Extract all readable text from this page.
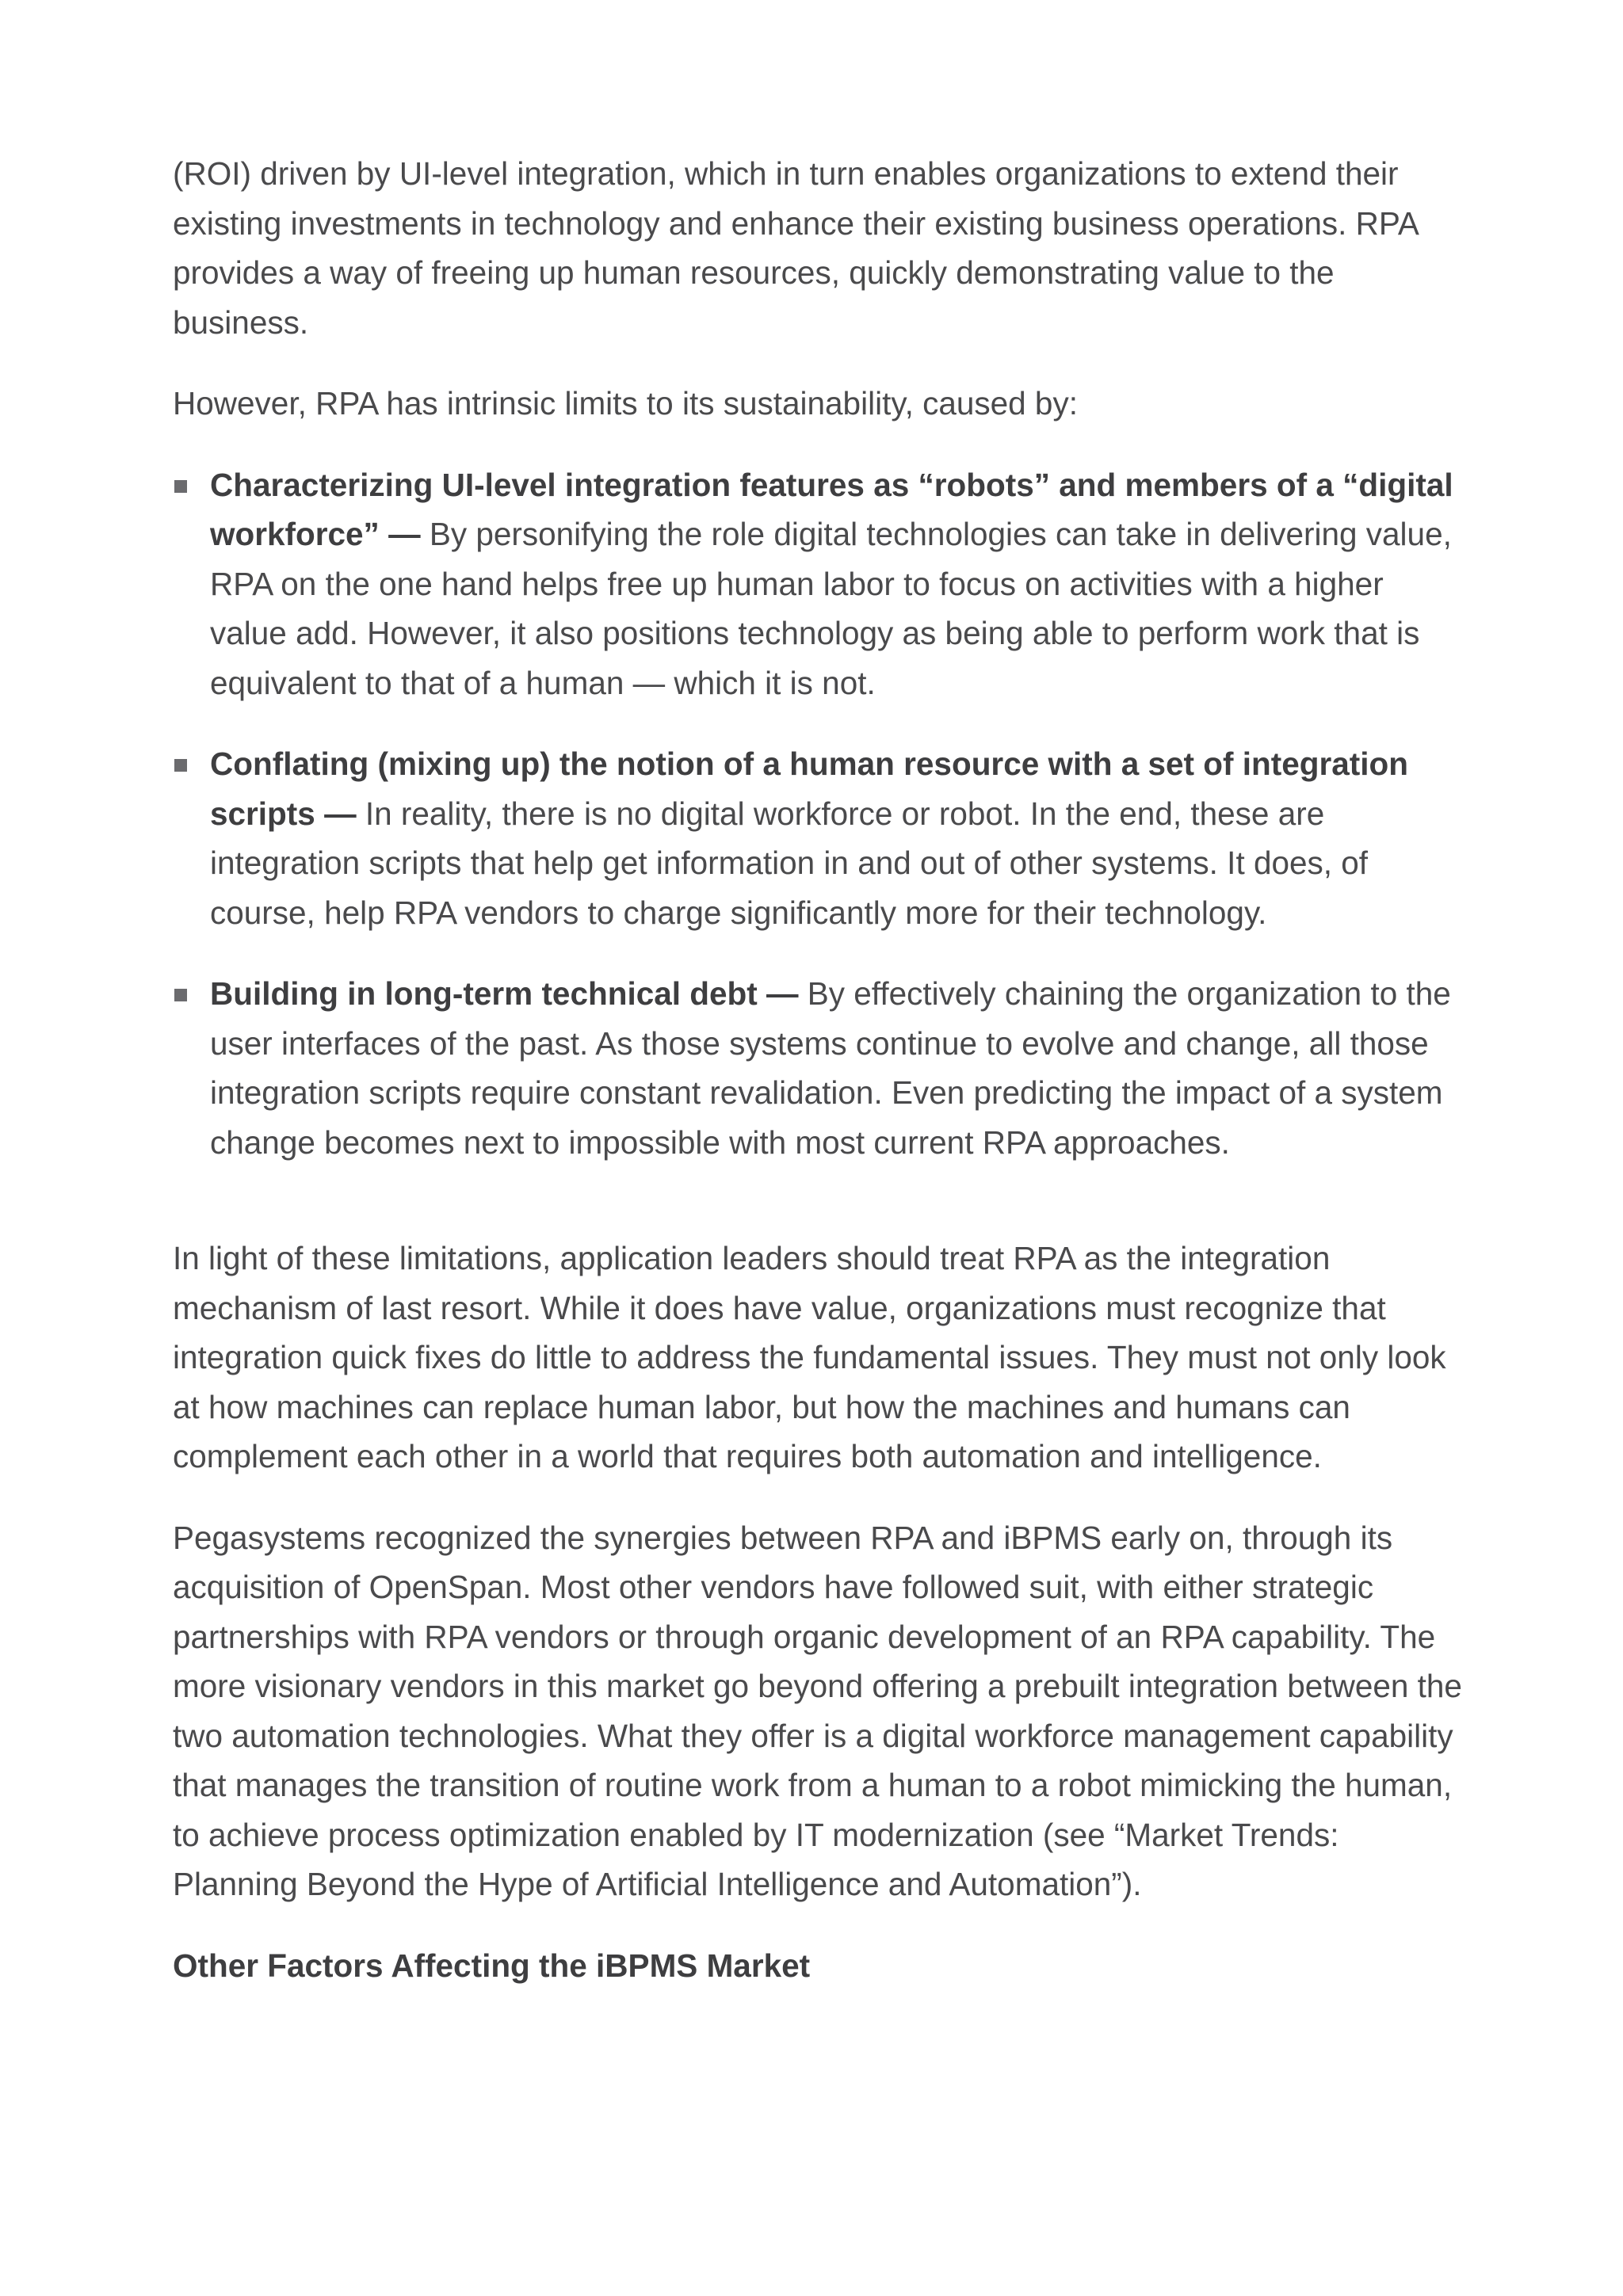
(ROI) driven by UI-level integration, which in turn enables organizations to extend their existing investments in technology and enhance their existing business operations. RPA provides a way of freeing up human resources, quickly demonstrating value to the business.

However, RPA has intrinsic limits to its sustainability, caused by:

Characterizing UI-level integration features as “robots” and members of a “digital workforce” — By personifying the role digital technologies can take in delivering value, RPA on the one hand helps free up human labor to focus on activities with a higher value add. However, it also positions technology as being able to perform work that is equivalent to that of a human — which it is not.
Conflating (mixing up) the notion of a human resource with a set of integration scripts — In reality, there is no digital workforce or robot. In the end, these are integration scripts that help get information in and out of other systems. It does, of course, help RPA vendors to charge significantly more for their technology.
Building in long-term technical debt — By effectively chaining the organization to the user interfaces of the past. As those systems continue to evolve and change, all those integration scripts require constant revalidation. Even predicting the impact of a system change becomes next to impossible with most current RPA approaches.

In light of these limitations, application leaders should treat RPA as the integration mechanism of last resort. While it does have value, organizations must recognize that integration quick fixes do little to address the fundamental issues. They must not only look at how machines can replace human labor, but how the machines and humans can complement each other in a world that requires both automation and intelligence.

Pegasystems recognized the synergies between RPA and iBPMS early on, through its acquisition of OpenSpan. Most other vendors have followed suit, with either strategic partnerships with RPA vendors or through organic development of an RPA capability. The more visionary vendors in this market go beyond offering a prebuilt integration between the two automation technologies. What they offer is a digital workforce management capability that manages the transition of routine work from a human to a robot mimicking the human, to achieve process optimization enabled by IT modernization (see “Market Trends: Planning Beyond the Hype of Artificial Intelligence and Automation”).

Other Factors Affecting the iBPMS Market
